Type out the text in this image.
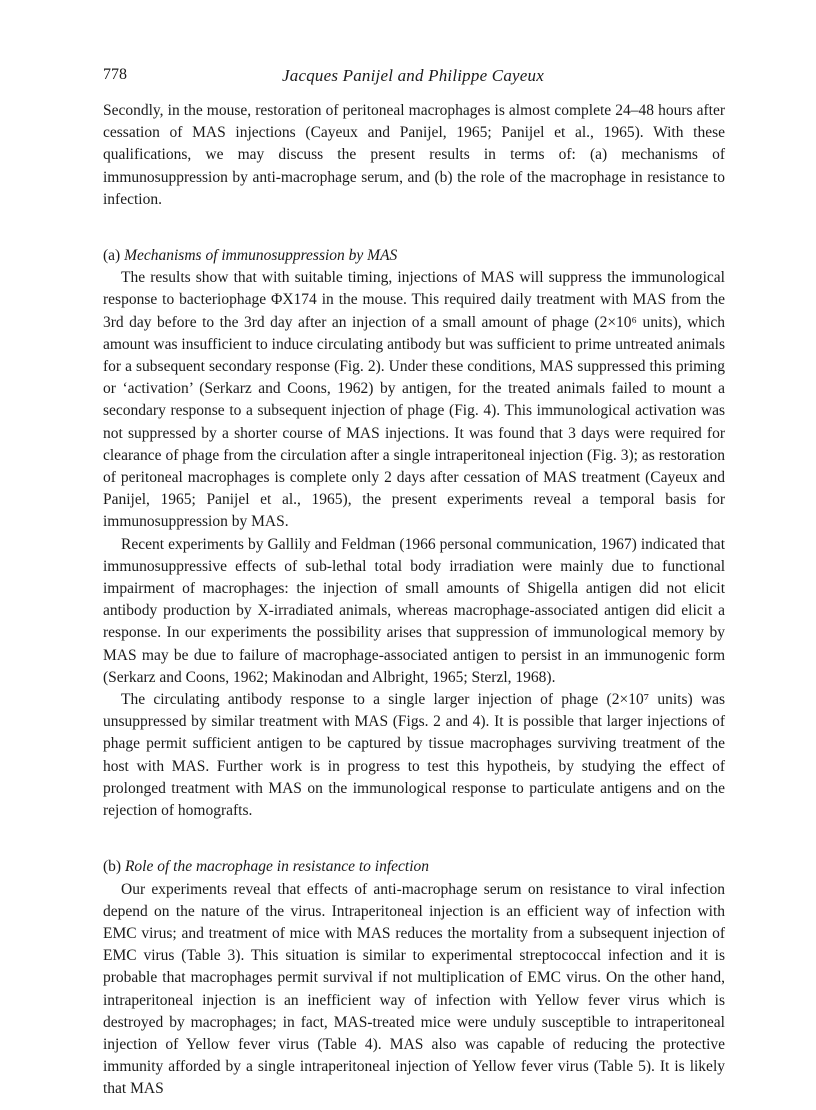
778	Jacques Panijel and Philippe Cayeux

Secondly, in the mouse, restoration of peritoneal macrophages is almost complete 24–48 hours after cessation of MAS injections (Cayeux and Panijel, 1965; Panijel et al., 1965). With these qualifications, we may discuss the present results in terms of: (a) mechanisms of immunosuppression by anti-macrophage serum, and (b) the role of the macrophage in resistance to infection.

(a) Mechanisms of immunosuppression by MAS

The results show that with suitable timing, injections of MAS will suppress the immunological response to bacteriophage ΦX174 in the mouse. This required daily treatment with MAS from the 3rd day before to the 3rd day after an injection of a small amount of phage (2×10⁶ units), which amount was insufficient to induce circulating antibody but was sufficient to prime untreated animals for a subsequent secondary response (Fig. 2). Under these conditions, MAS suppressed this priming or ‘activation’ (Serkarz and Coons, 1962) by antigen, for the treated animals failed to mount a secondary response to a subsequent injection of phage (Fig. 4). This immunological activation was not suppressed by a shorter course of MAS injections. It was found that 3 days were required for clearance of phage from the circulation after a single intraperitoneal injection (Fig. 3); as restoration of peritoneal macrophages is complete only 2 days after cessation of MAS treatment (Cayeux and Panijel, 1965; Panijel et al., 1965), the present experiments reveal a temporal basis for immunosuppression by MAS.

Recent experiments by Gallily and Feldman (1966 personal communication, 1967) indicated that immunosuppressive effects of sub-lethal total body irradiation were mainly due to functional impairment of macrophages: the injection of small amounts of Shigella antigen did not elicit antibody production by X-irradiated animals, whereas macrophage-associated antigen did elicit a response. In our experiments the possibility arises that suppression of immunological memory by MAS may be due to failure of macrophage-associated antigen to persist in an immunogenic form (Serkarz and Coons, 1962; Makinodan and Albright, 1965; Sterzl, 1968).

The circulating antibody response to a single larger injection of phage (2×10⁷ units) was unsuppressed by similar treatment with MAS (Figs. 2 and 4). It is possible that larger injections of phage permit sufficient antigen to be captured by tissue macrophages surviving treatment of the host with MAS. Further work is in progress to test this hypotheis, by studying the effect of prolonged treatment with MAS on the immunological response to particulate antigens and on the rejection of homografts.

(b) Role of the macrophage in resistance to infection

Our experiments reveal that effects of anti-macrophage serum on resistance to viral infection depend on the nature of the virus. Intraperitoneal injection is an efficient way of infection with EMC virus; and treatment of mice with MAS reduces the mortality from a subsequent injection of EMC virus (Table 3). This situation is similar to experimental streptococcal infection and it is probable that macrophages permit survival if not multiplication of EMC virus. On the other hand, intraperitoneal injection is an inefficient way of infection with Yellow fever virus which is destroyed by macrophages; in fact, MAS-treated mice were unduly susceptible to intraperitoneal injection of Yellow fever virus (Table 4). MAS also was capable of reducing the protective immunity afforded by a single intraperitoneal injection of Yellow fever virus (Table 5). It is likely that MAS
